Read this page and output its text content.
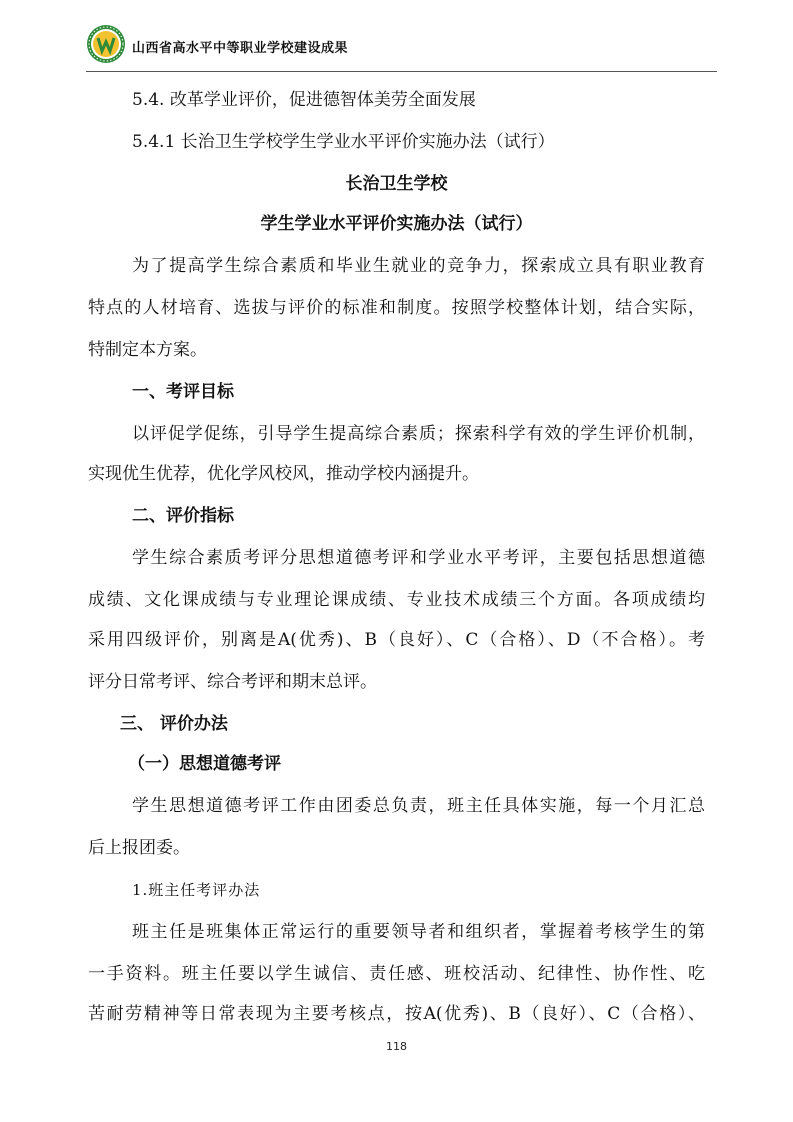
山西省高水平中等职业学校建设成果
5.4. 改革学业评价，促进德智体美劳全面发展
5.4.1 长治卫生学校学生学业水平评价实施办法（试行）
长治卫生学校
学生学业水平评价实施办法（试行）
为了提高学生综合素质和毕业生就业的竞争力，探索成立具有职业教育
特点的人材培育、选拔与评价的标准和制度。按照学校整体计划，结合实际，
特制定本方案。
一、考评目标
以评促学促练，引导学生提高综合素质；探索科学有效的学生评价机制，
实现优生优荐，优化学风校风，推动学校内涵提升。
二、评价指标
学生综合素质考评分思想道德考评和学业水平考评，主要包括思想道德
成绩、文化课成绩与专业理论课成绩、专业技术成绩三个方面。各项成绩均
采用四级评价，别离是A(优秀)、B（良好）、C（合格）、D（不合格）。考
评分日常考评、综合考评和期末总评。
三、 评价办法
（一）思想道德考评
学生思想道德考评工作由团委总负责，班主任具体实施，每一个月汇总
后上报团委。
1.班主任考评办法
班主任是班集体正常运行的重要领导者和组织者，掌握着考核学生的第
一手资料。班主任要以学生诚信、责任感、班校活动、纪律性、协作性、吃
苦耐劳精神等日常表现为主要考核点，按A(优秀)、B（良好）、C（合格）、
118
